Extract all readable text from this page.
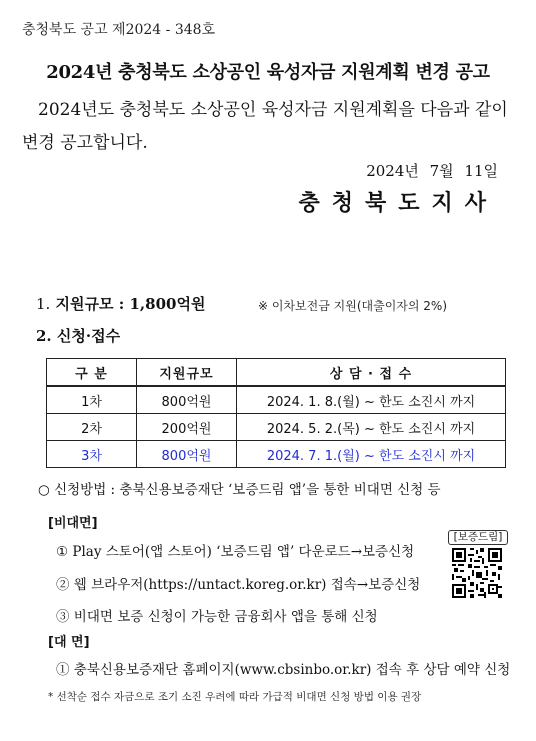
충청북도 공고 제2024 - 348호
2024년 충청북도 소상공인 육성자금 지원계획 변경 공고
2024년도 충청북도 소상공인 육성자금 지원계획을 다음과 같이
변경 공고합니다.
2024년 7월 11일
충청북도지사
1. 지원규모 : 1,800억원	※ 이차보전금 지원(대출이자의 2%)
2. 신청·접수
구 분	지원규모	상 담 · 접 수
1차	800억원	2024. 1. 8.(월) ~ 한도 소진시 까지
2차	200억원	2024. 5. 2.(목) ~ 한도 소진시 까지
3차	800억원	2024. 7. 1.(월) ~ 한도 소진시 까지
○ 신청방법 : 충북신용보증재단 ‘보증드림 앱’을 통한 비대면 신청 등
[비대면]
① Play 스토어(앱 스토어) ‘보증드림 앱’ 다운로드→보증신청
② 웹 브라우저(https://untact.koreg.or.kr) 접속→보증신청
③ 비대면 보증 신청이 가능한 금융회사 앱을 통해 신청
[보증드림]
[대 면]
① 충북신용보증재단 홈페이지(www.cbsinbo.or.kr) 접속 후 상담 예약 신청
* 선착순 접수 자금으로 조기 소진 우려에 따라 가급적 비대면 신청 방법 이용 권장
